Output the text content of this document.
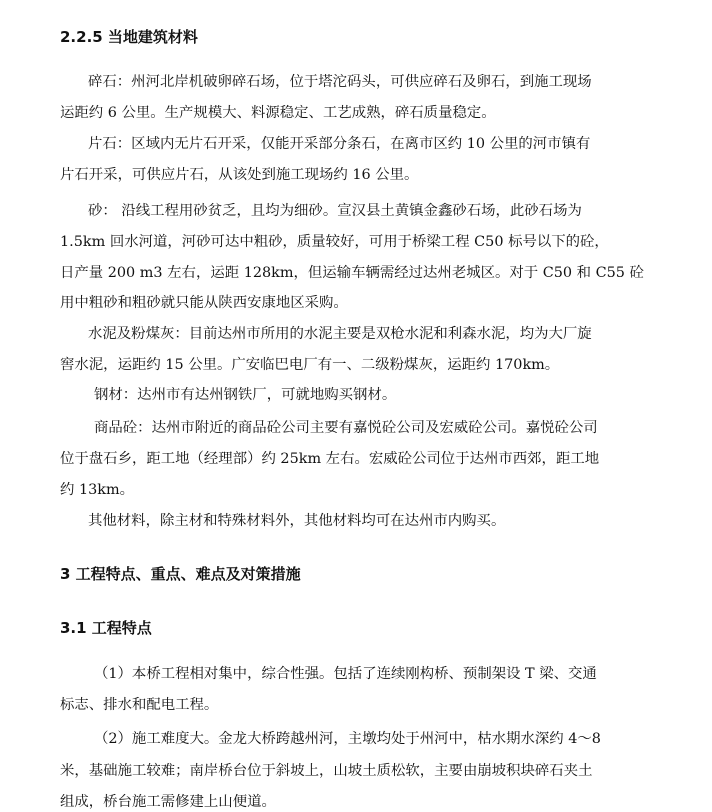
2.2.5 当地建筑材料
碎石：州河北岸机破卵碎石场，位于塔沱码头，可供应碎石及卵石，到施工现场
运距约 6 公里。生产规模大、料源稳定、工艺成熟，碎石质量稳定。
片石：区域内无片石开采，仅能开采部分条石，在离市区约 10 公里的河市镇有
片石开采，可供应片石，从该处到施工现场约 16 公里。
砂： 沿线工程用砂贫乏，且均为细砂。宣汉县土黄镇金鑫砂石场，此砂石场为
1.5km 回水河道，河砂可达中粗砂，质量较好，可用于桥梁工程 C50 标号以下的砼，
日产量 200 m3 左右，运距 128km，但运输车辆需经过达州老城区。对于 C50 和 C55 砼
用中粗砂和粗砂就只能从陕西安康地区采购。
水泥及粉煤灰：目前达州市所用的水泥主要是双枪水泥和利森水泥，均为大厂旋
窖水泥，运距约 15 公里。广安临巴电厂有一、二级粉煤灰，运距约 170km。
钢材：达州市有达州钢铁厂，可就地购买钢材。
商品砼：达州市附近的商品砼公司主要有嘉悦砼公司及宏威砼公司。嘉悦砼公司
位于盘石乡，距工地（经理部）约 25km 左右。宏威砼公司位于达州市西郊，距工地
约 13km。
其他材料，除主材和特殊材料外，其他材料均可在达州市内购买。
3 工程特点、重点、难点及对策措施
3.1 工程特点
（1）本桥工程相对集中，综合性强。包括了连续刚构桥、预制架设 T 梁、交通
标志、排水和配电工程。
（2）施工难度大。金龙大桥跨越州河，主墩均处于州河中，枯水期水深约 4～8
米，基础施工较难；南岸桥台位于斜坡上，山坡土质松软，主要由崩坡积块碎石夹土
组成，桥台施工需修建上山便道。
